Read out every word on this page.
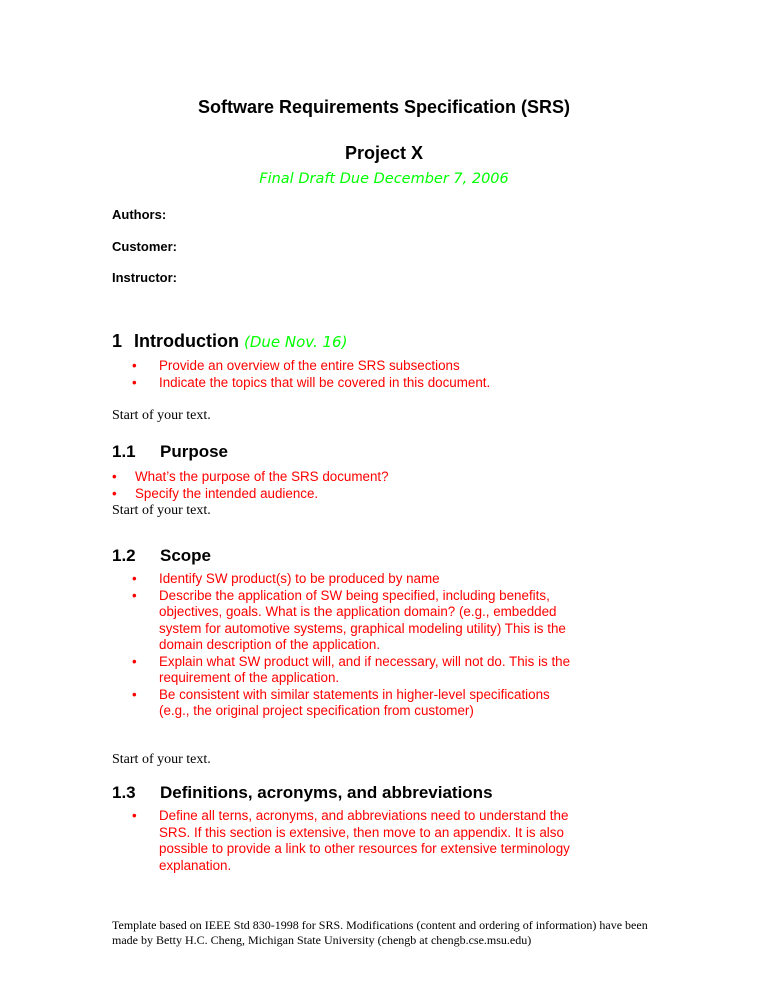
Software Requirements Specification (SRS)
Project X
Final Draft Due December 7, 2006
Authors:
Customer:
Instructor:
1 Introduction (Due Nov. 16)
• Provide an overview of the entire SRS subsections
• Indicate the topics that will be covered in this document.
Start of your text.
1.1 Purpose
• What’s the purpose of the SRS document?
• Specify the intended audience.
Start of your text.
1.2 Scope
• Identify SW product(s) to be produced by name
• Describe the application of SW being specified, including benefits, objectives, goals. What is the application domain? (e.g., embedded system for automotive systems, graphical modeling utility) This is the domain description of the application.
• Explain what SW product will, and if necessary, will not do. This is the requirement of the application.
• Be consistent with similar statements in higher-level specifications (e.g., the original project specification from customer)
Start of your text.
1.3 Definitions, acronyms, and abbreviations
• Define all terns, acronyms, and abbreviations need to understand the SRS. If this section is extensive, then move to an appendix. It is also possible to provide a link to other resources for extensive terminology explanation.
Template based on IEEE Std 830-1998 for SRS. Modifications (content and ordering of information) have been made by Betty H.C. Cheng, Michigan State University (chengb at chengb.cse.msu.edu)
